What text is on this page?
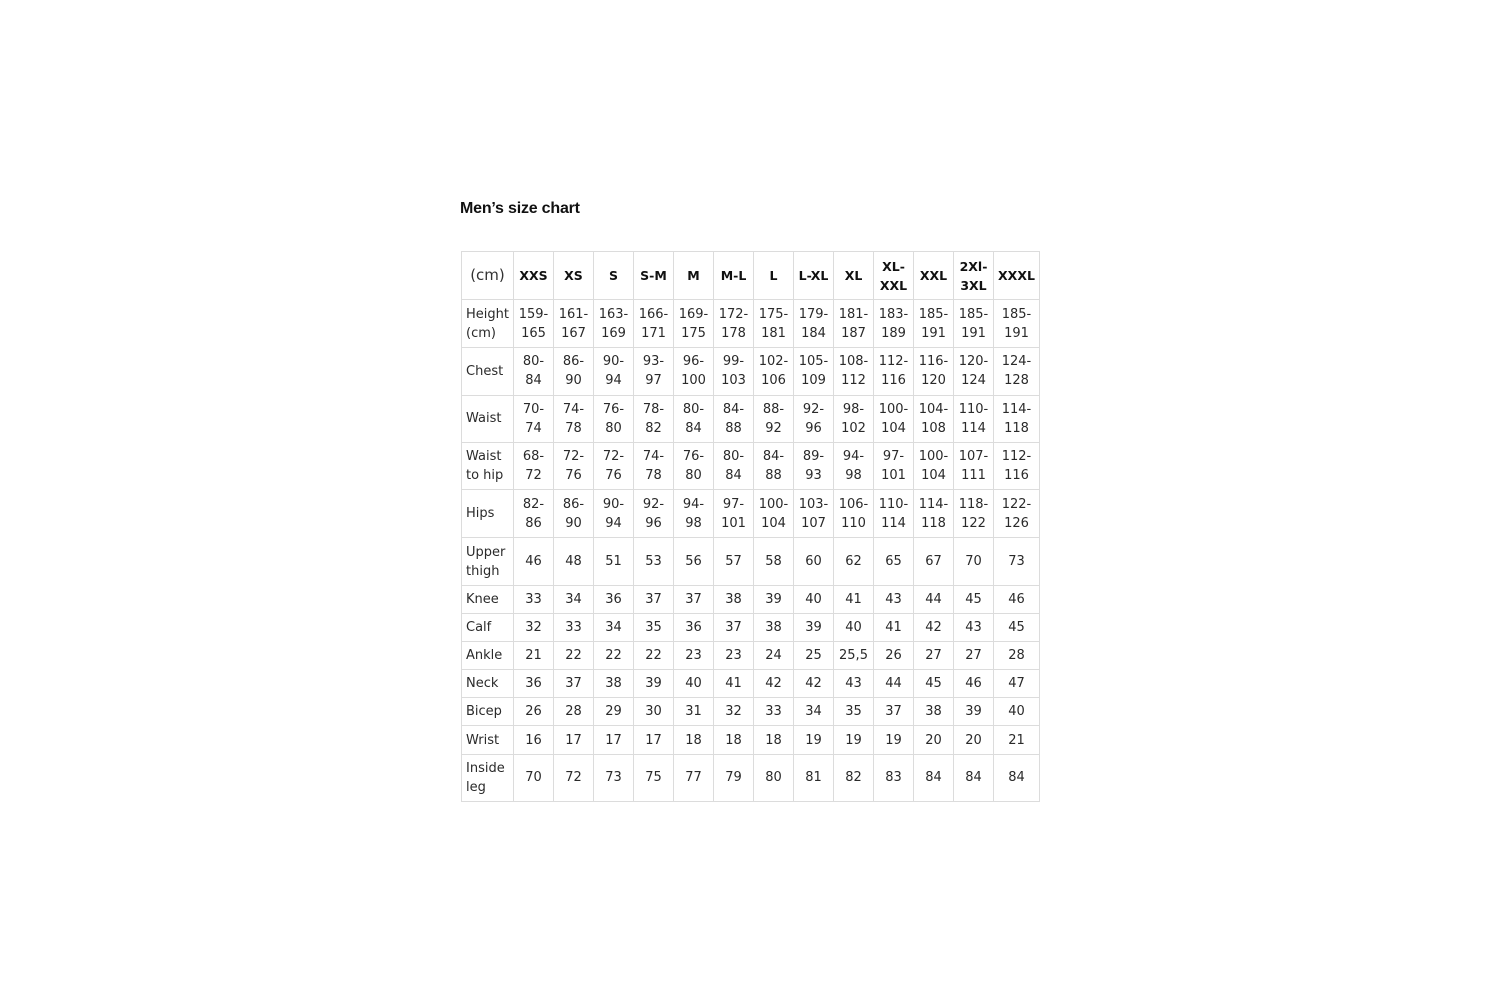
Men’s size chart
(cm)	XXS	XS	S	S-M	M	M-L	L	L-XL	XL	XL-XXL	XXL	2Xl-3XL	XXXL
Height (cm)	159-165	161-167	163-169	166-171	169-175	172-178	175-181	179-184	181-187	183-189	185-191	185-191	185-191
Chest	80-84	86-90	90-94	93-97	96-100	99-103	102-106	105-109	108-112	112-116	116-120	120-124	124-128
Waist	70-74	74-78	76-80	78-82	80-84	84-88	88-92	92-96	98-102	100-104	104-108	110-114	114-118
Waist to hip	68-72	72-76	72-76	74-78	76-80	80-84	84-88	89-93	94-98	97-101	100-104	107-111	112-116
Hips	82-86	86-90	90-94	92-96	94-98	97-101	100-104	103-107	106-110	110-114	114-118	118-122	122-126
Upper thigh	46	48	51	53	56	57	58	60	62	65	67	70	73
Knee	33	34	36	37	37	38	39	40	41	43	44	45	46
Calf	32	33	34	35	36	37	38	39	40	41	42	43	45
Ankle	21	22	22	22	23	23	24	25	25,5	26	27	27	28
Neck	36	37	38	39	40	41	42	42	43	44	45	46	47
Bicep	26	28	29	30	31	32	33	34	35	37	38	39	40
Wrist	16	17	17	17	18	18	18	19	19	19	20	20	21
Inside leg	70	72	73	75	77	79	80	81	82	83	84	84	84
